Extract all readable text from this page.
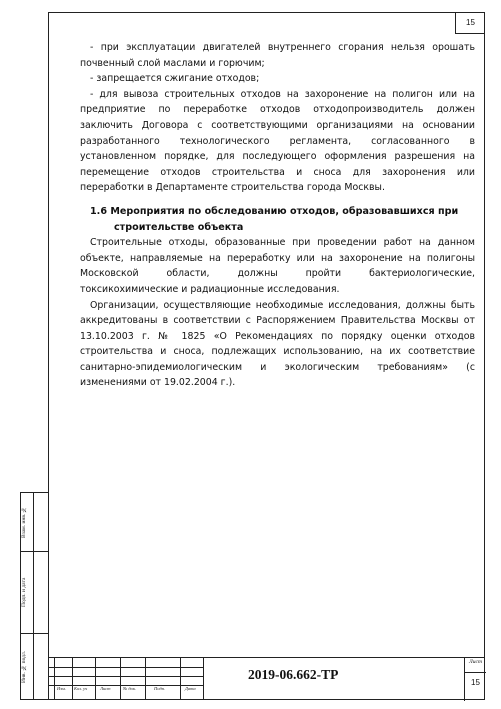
15
Взам. инв. №
Подп. и дата
Инв. № подл.

- при эксплуатации двигателей внутреннего сгорания нельзя орошать почвенный слой маслами и горючим;

- запрещается сжигание отходов;

- для вывоза строительных отходов на захоронение на полигон или на предприятие по переработке отходов отходопроизводитель должен заключить Договора с соответствующими организациями на основании разработанного технологического регламента, согласованного в установленном порядке, для последующего оформления разрешения на перемещение отходов строительства и сноса для захоронения или переработки в Департаменте строительства города Москвы.

1.6 Мероприятия по обследованию отходов, образовавшихся при
строительстве объекта

Строительные отходы, образованные при проведении работ на данном объекте, направляемые на переработку или на захоронение на полигоны Московской области, должны пройти бактериологические, токсикохимические и радиационные исследования.

Организации, осуществляющие необходимые исследования, должны быть аккредитованы в соответствии с Распоряжением Правительства Москвы от 13.10.2003 г. № 1825 «О Рекомендациях по порядку оценки отходов строительства и сноса, подлежащих использованию, на их соответствие санитарно-эпидемиологическим и экологическим требованиям» (с изменениями от 19.02.2004 г.).

Изм. Кол. уч	Лист	№ док.	Подп.	Дата
2019-06.662-ТР
Лист
15
